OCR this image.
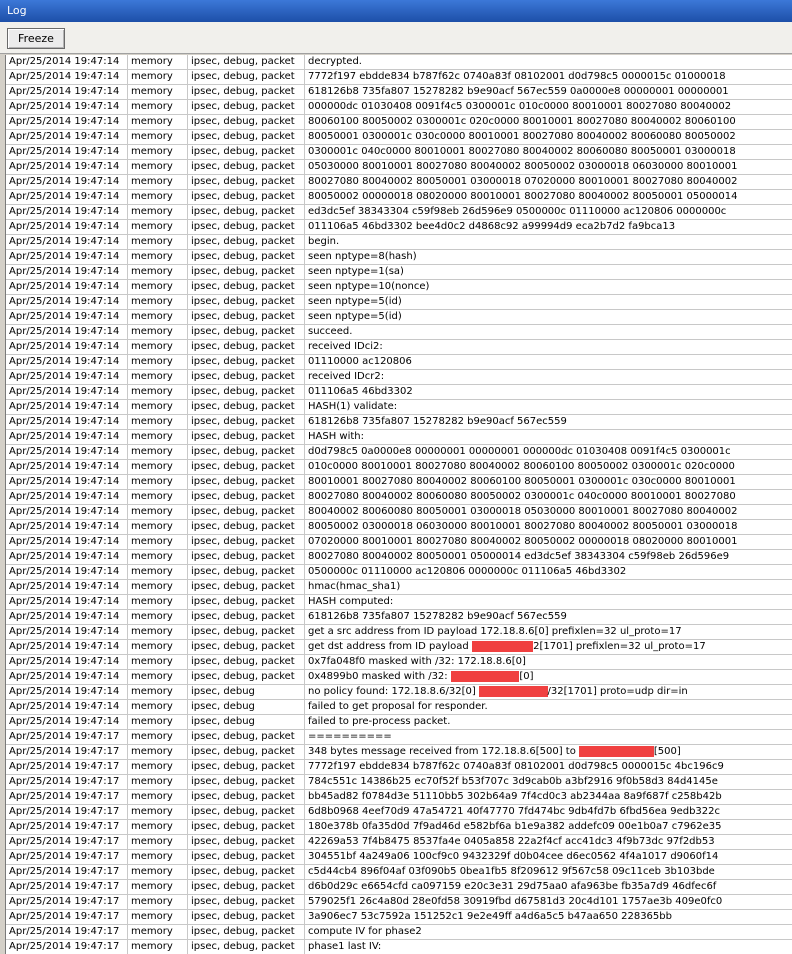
Log
Freeze
Apr/25/2014 19:47:14	memory	ipsec, debug, packet	decrypted.
Apr/25/2014 19:47:14	memory	ipsec, debug, packet	7772f197 ebdde834 b787f62c 0740a83f 08102001 d0d798c5 0000015c 01000018
Apr/25/2014 19:47:14	memory	ipsec, debug, packet	618126b8 735fa807 15278282 b9e90acf 567ec559 0a0000e8 00000001 00000001
Apr/25/2014 19:47:14	memory	ipsec, debug, packet	000000dc 01030408 0091f4c5 0300001c 010c0000 80010001 80027080 80040002
Apr/25/2014 19:47:14	memory	ipsec, debug, packet	80060100 80050002 0300001c 020c0000 80010001 80027080 80040002 80060100
Apr/25/2014 19:47:14	memory	ipsec, debug, packet	80050001 0300001c 030c0000 80010001 80027080 80040002 80060080 80050002
Apr/25/2014 19:47:14	memory	ipsec, debug, packet	0300001c 040c0000 80010001 80027080 80040002 80060080 80050001 03000018
Apr/25/2014 19:47:14	memory	ipsec, debug, packet	05030000 80010001 80027080 80040002 80050002 03000018 06030000 80010001
Apr/25/2014 19:47:14	memory	ipsec, debug, packet	80027080 80040002 80050001 03000018 07020000 80010001 80027080 80040002
Apr/25/2014 19:47:14	memory	ipsec, debug, packet	80050002 00000018 08020000 80010001 80027080 80040002 80050001 05000014
Apr/25/2014 19:47:14	memory	ipsec, debug, packet	ed3dc5ef 38343304 c59f98eb 26d596e9 0500000c 01110000 ac120806 0000000c
Apr/25/2014 19:47:14	memory	ipsec, debug, packet	011106a5 46bd3302 bee4d0c2 d4868c92 a99994d9 eca2b7d2 fa9bca13
Apr/25/2014 19:47:14	memory	ipsec, debug, packet	begin.
Apr/25/2014 19:47:14	memory	ipsec, debug, packet	seen nptype=8(hash)
Apr/25/2014 19:47:14	memory	ipsec, debug, packet	seen nptype=1(sa)
Apr/25/2014 19:47:14	memory	ipsec, debug, packet	seen nptype=10(nonce)
Apr/25/2014 19:47:14	memory	ipsec, debug, packet	seen nptype=5(id)
Apr/25/2014 19:47:14	memory	ipsec, debug, packet	seen nptype=5(id)
Apr/25/2014 19:47:14	memory	ipsec, debug, packet	succeed.
Apr/25/2014 19:47:14	memory	ipsec, debug, packet	received IDci2:
Apr/25/2014 19:47:14	memory	ipsec, debug, packet	01110000 ac120806
Apr/25/2014 19:47:14	memory	ipsec, debug, packet	received IDcr2:
Apr/25/2014 19:47:14	memory	ipsec, debug, packet	011106a5 46bd3302
Apr/25/2014 19:47:14	memory	ipsec, debug, packet	HASH(1) validate:
Apr/25/2014 19:47:14	memory	ipsec, debug, packet	618126b8 735fa807 15278282 b9e90acf 567ec559
Apr/25/2014 19:47:14	memory	ipsec, debug, packet	HASH with:
Apr/25/2014 19:47:14	memory	ipsec, debug, packet	d0d798c5 0a0000e8 00000001 00000001 000000dc 01030408 0091f4c5 0300001c
Apr/25/2014 19:47:14	memory	ipsec, debug, packet	010c0000 80010001 80027080 80040002 80060100 80050002 0300001c 020c0000
Apr/25/2014 19:47:14	memory	ipsec, debug, packet	80010001 80027080 80040002 80060100 80050001 0300001c 030c0000 80010001
Apr/25/2014 19:47:14	memory	ipsec, debug, packet	80027080 80040002 80060080 80050002 0300001c 040c0000 80010001 80027080
Apr/25/2014 19:47:14	memory	ipsec, debug, packet	80040002 80060080 80050001 03000018 05030000 80010001 80027080 80040002
Apr/25/2014 19:47:14	memory	ipsec, debug, packet	80050002 03000018 06030000 80010001 80027080 80040002 80050001 03000018
Apr/25/2014 19:47:14	memory	ipsec, debug, packet	07020000 80010001 80027080 80040002 80050002 00000018 08020000 80010001
Apr/25/2014 19:47:14	memory	ipsec, debug, packet	80027080 80040002 80050001 05000014 ed3dc5ef 38343304 c59f98eb 26d596e9
Apr/25/2014 19:47:14	memory	ipsec, debug, packet	0500000c 01110000 ac120806 0000000c 011106a5 46bd3302
Apr/25/2014 19:47:14	memory	ipsec, debug, packet	hmac(hmac_sha1)
Apr/25/2014 19:47:14	memory	ipsec, debug, packet	HASH computed:
Apr/25/2014 19:47:14	memory	ipsec, debug, packet	618126b8 735fa807 15278282 b9e90acf 567ec559
Apr/25/2014 19:47:14	memory	ipsec, debug, packet	get a src address from ID payload 172.18.8.6[0] prefixlen=32 ul_proto=17
Apr/25/2014 19:47:14	memory	ipsec, debug, packet	get dst address from ID payload 7XXXXXXXX2[1701] prefixlen=32 ul_proto=17
Apr/25/2014 19:47:14	memory	ipsec, debug, packet	0x7fa048f0 masked with /32: 172.18.8.6[0]
Apr/25/2014 19:47:14	memory	ipsec, debug, packet	0x4899b0 masked with /32: XXXXXXXXXX[0]
Apr/25/2014 19:47:14	memory	ipsec, debug	no policy found: 172.18.8.6/32[0] XXXXXXXXXX/32[1701] proto=udp dir=in
Apr/25/2014 19:47:14	memory	ipsec, debug	failed to get proposal for responder.
Apr/25/2014 19:47:14	memory	ipsec, debug	failed to pre-process packet.
Apr/25/2014 19:47:17	memory	ipsec, debug, packet	==========
Apr/25/2014 19:47:17	memory	ipsec, debug, packet	348 bytes message received from 172.18.8.6[500] to 7XXXXXXXXXX[500]
Apr/25/2014 19:47:17	memory	ipsec, debug, packet	7772f197 ebdde834 b787f62c 0740a83f 08102001 d0d798c5 0000015c 4bc196c9
Apr/25/2014 19:47:17	memory	ipsec, debug, packet	784c551c 14386b25 ec70f52f b53f707c 3d9cab0b a3bf2916 9f0b58d3 84d4145e
Apr/25/2014 19:47:17	memory	ipsec, debug, packet	bb45ad82 f0784d3e 51110bb5 302b64a9 7f4cd0c3 ab2344aa 8a9f687f c258b42b
Apr/25/2014 19:47:17	memory	ipsec, debug, packet	6d8b0968 4eef70d9 47a54721 40f47770 7fd474bc 9db4fd7b 6fbd56ea 9edb322c
Apr/25/2014 19:47:17	memory	ipsec, debug, packet	180e378b 0fa35d0d 7f9ad46d e582bf6a b1e9a382 addefc09 00e1b0a7 c7962e35
Apr/25/2014 19:47:17	memory	ipsec, debug, packet	42269a53 7f4b8475 8537fa4e 0405a858 22a2f4cf acc41dc3 4f9b73dc 97f2db53
Apr/25/2014 19:47:17	memory	ipsec, debug, packet	304551bf 4a249a06 100cf9c0 9432329f d0b04cee d6ec0562 4f4a1017 d9060f14
Apr/25/2014 19:47:17	memory	ipsec, debug, packet	c5d44cb4 896f04af 03f090b5 0bea1fb5 8f209612 9f567c58 09c11ceb 3b103bde
Apr/25/2014 19:47:17	memory	ipsec, debug, packet	d6b0d29c e6654cfd ca097159 e20c3e31 29d75aa0 afa963be fb35a7d9 46dfec6f
Apr/25/2014 19:47:17	memory	ipsec, debug, packet	579025f1 26c4a80d 28e0fd58 30919fbd d67581d3 20c4d101 1757ae3b 409e0fc0
Apr/25/2014 19:47:17	memory	ipsec, debug, packet	3a906ec7 53c7592a 151252c1 9e2e49ff a4d6a5c5 b47aa650 228365bb
Apr/25/2014 19:47:17	memory	ipsec, debug, packet	compute IV for phase2
Apr/25/2014 19:47:17	memory	ipsec, debug, packet	phase1 last IV:
